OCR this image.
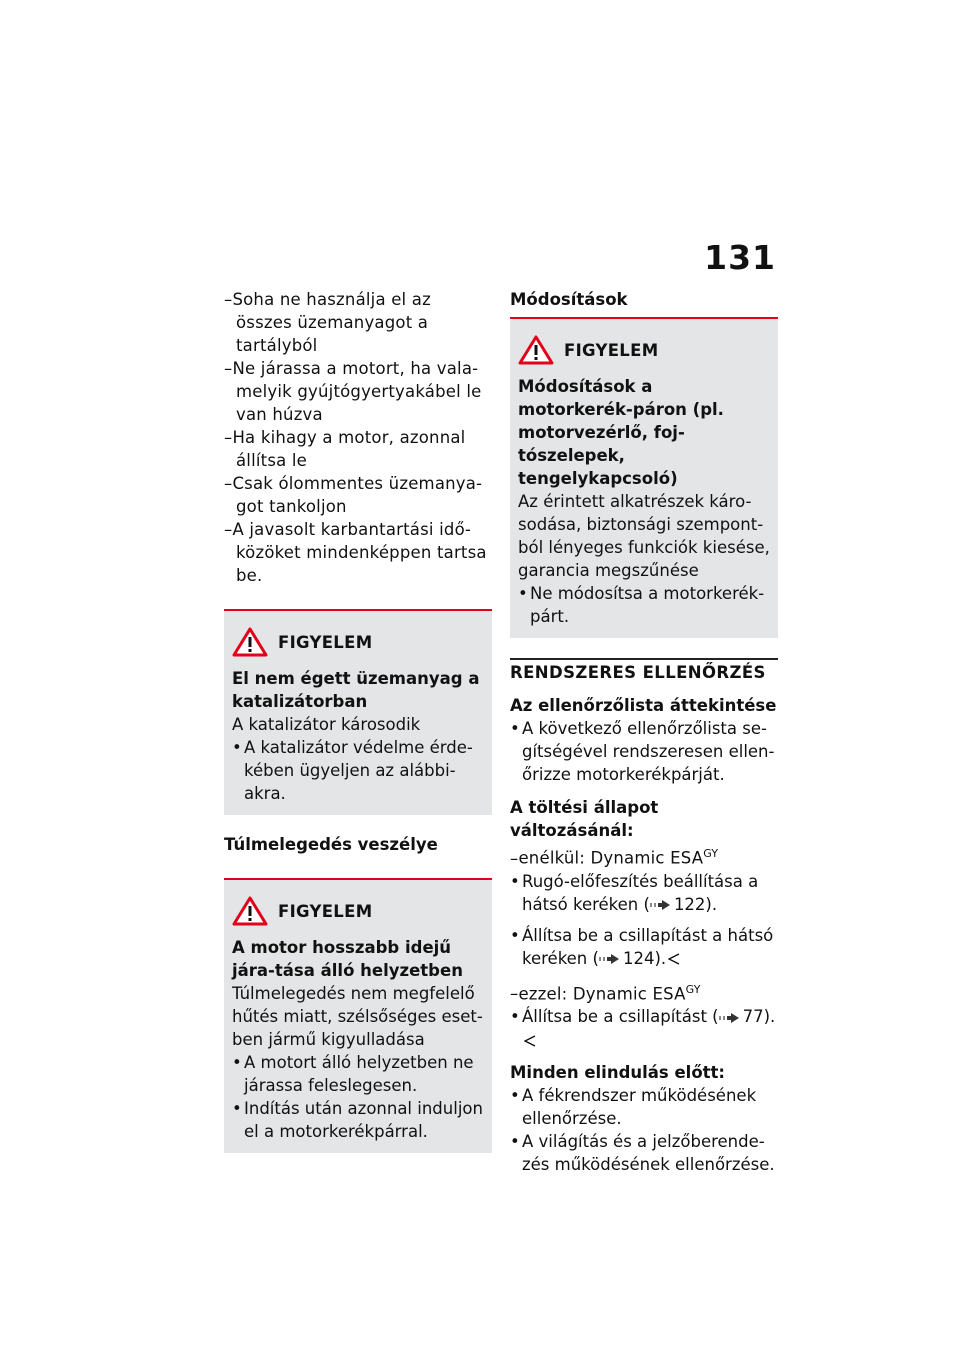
131
– Soha ne használja el az összes üzemanyagot a tartályból
– Ne járassa a motort, ha vala-melyik gyújtógyertyakábel le van húzva
– Ha kihagy a motor, azonnal állítsa le
– Csak ólommentes üzemanya-got tankoljon
– A javasolt karbantartási idő-közöket mindenképpen tartsa be.
FIGYELEM
El nem égett üzemanyag a katalizátorban
A katalizátor károsodik
• A katalizátor védelme érde-kében ügyeljen az alábbi-akra.
Túlmelegedés veszélye
FIGYELEM
A motor hosszabb idejű jára-tása álló helyzetben
Túlmelegedés nem megfelelő hűtés miatt, szélsőséges eset-ben jármű kigyulladása
• A motort álló helyzetben ne járassa feleslegesen.
• Indítás után azonnal induljon el a motorkerékpárral.
Módosítások
FIGYELEM
Módosítások a motorkerék-páron (pl. motorvezérlő, foj-tószelepek, tengelykapcsoló)
Az érintett alkatrészek káro-sodása, biztonsági szempont-ból lényeges funkciók kiesése, garancia megszűnése
• Ne módosítsa a motorkerék-párt.
RENDSZERES ELLENŐRZÉS
Az ellenőrzőlista áttekintése
• A következő ellenőrzőlista se-gítségével rendszeresen ellen-őrizze motorkerékpárját.
A töltési állapot változásánál:
– enélkül: Dynamic $ESA^{GY}$
• Rugó-előfeszítés beállítása a hátsó keréken ( 122).
• Állítsa be a csillapítást a hátsó keréken ( 124).
– ezzel: Dynamic $ESA^{GY}$
• Állítsa be a csillapítást ( 77).
Minden elindulás előtt:
• A fékrendszer működésének ellenőrzése.
• A világítás és a jelzőberende-zés működésének ellenőrzése.
